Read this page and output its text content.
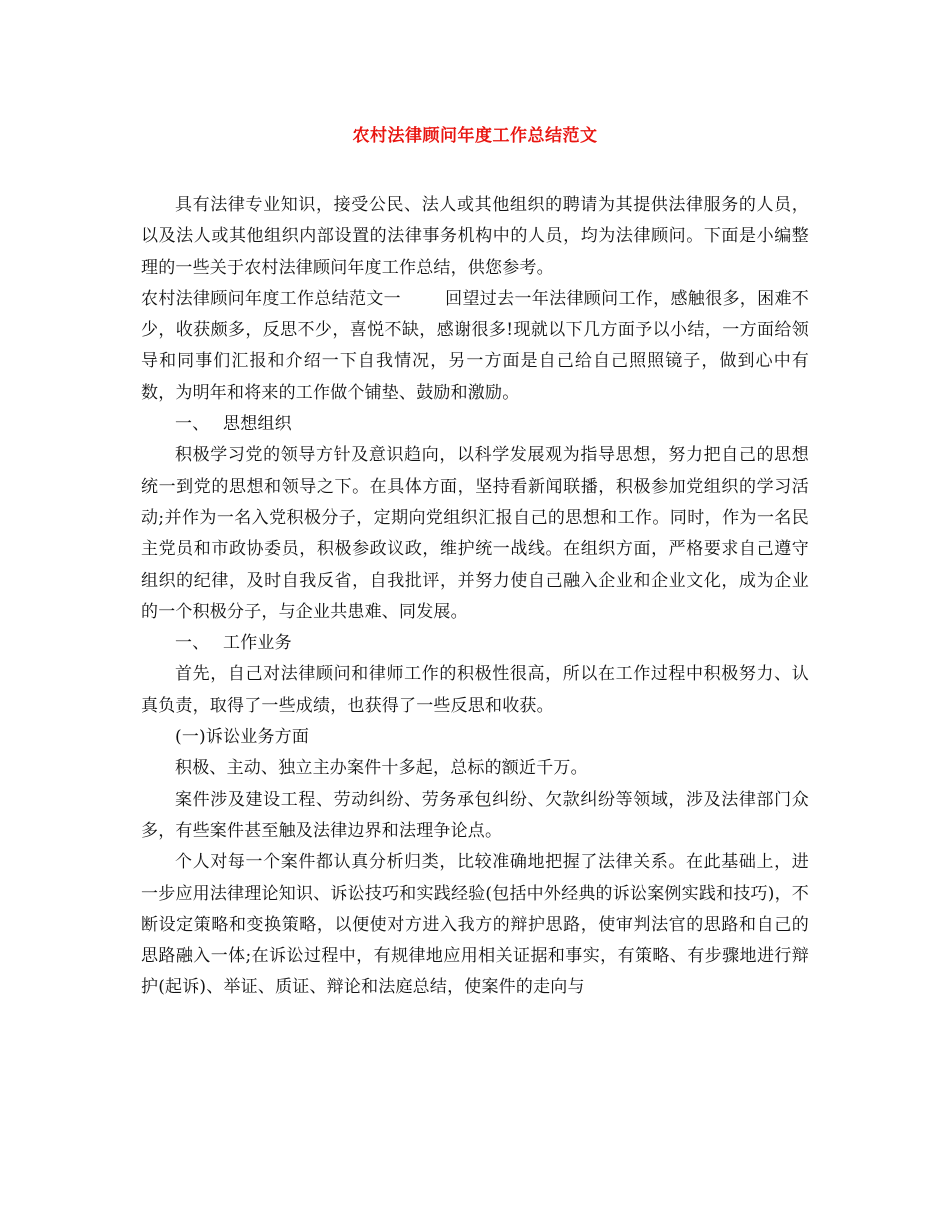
农村法律顾问年度工作总结范文

具有法律专业知识，接受公民、法人或其他组织的聘请为其提供法律服务的人员，以及法人或其他组织内部设置的法律事务机构中的人员，均为法律顾问。下面是小编整理的一些关于农村法律顾问年度工作总结，供您参考。

农村法律顾问年度工作总结范文一	回望过去一年法律顾问工作，感触很多，困难不少，收获颇多，反思不少，喜悦不缺，感谢很多!现就以下几方面予以小结，一方面给领导和同事们汇报和介绍一下自我情况，另一方面是自己给自己照照镜子，做到心中有数，为明年和将来的工作做个铺垫、鼓励和激励。

一、 思想组织

积极学习党的领导方针及意识趋向，以科学发展观为指导思想，努力把自己的思想统一到党的思想和领导之下。在具体方面，坚持看新闻联播，积极参加党组织的学习活动;并作为一名入党积极分子，定期向党组织汇报自己的思想和工作。同时，作为一名民主党员和市政协委员，积极参政议政，维护统一战线。在组织方面，严格要求自己遵守组织的纪律，及时自我反省，自我批评，并努力使自己融入企业和企业文化，成为企业的一个积极分子，与企业共患难、同发展。

一、 工作业务

首先，自己对法律顾问和律师工作的积极性很高，所以在工作过程中积极努力、认真负责，取得了一些成绩，也获得了一些反思和收获。

(一)诉讼业务方面

积极、主动、独立主办案件十多起，总标的额近千万。

案件涉及建设工程、劳动纠纷、劳务承包纠纷、欠款纠纷等领域，涉及法律部门众多，有些案件甚至触及法律边界和法理争论点。

个人对每一个案件都认真分析归类，比较准确地把握了法律关系。在此基础上，进一步应用法律理论知识、诉讼技巧和实践经验(包括中外经典的诉讼案例实践和技巧)，不断设定策略和变换策略，以便使对方进入我方的辩护思路，使审判法官的思路和自己的思路融入一体;在诉讼过程中，有规律地应用相关证据和事实，有策略、有步骤地进行辩护(起诉)、举证、质证、辩论和法庭总结，使案件的走向与
